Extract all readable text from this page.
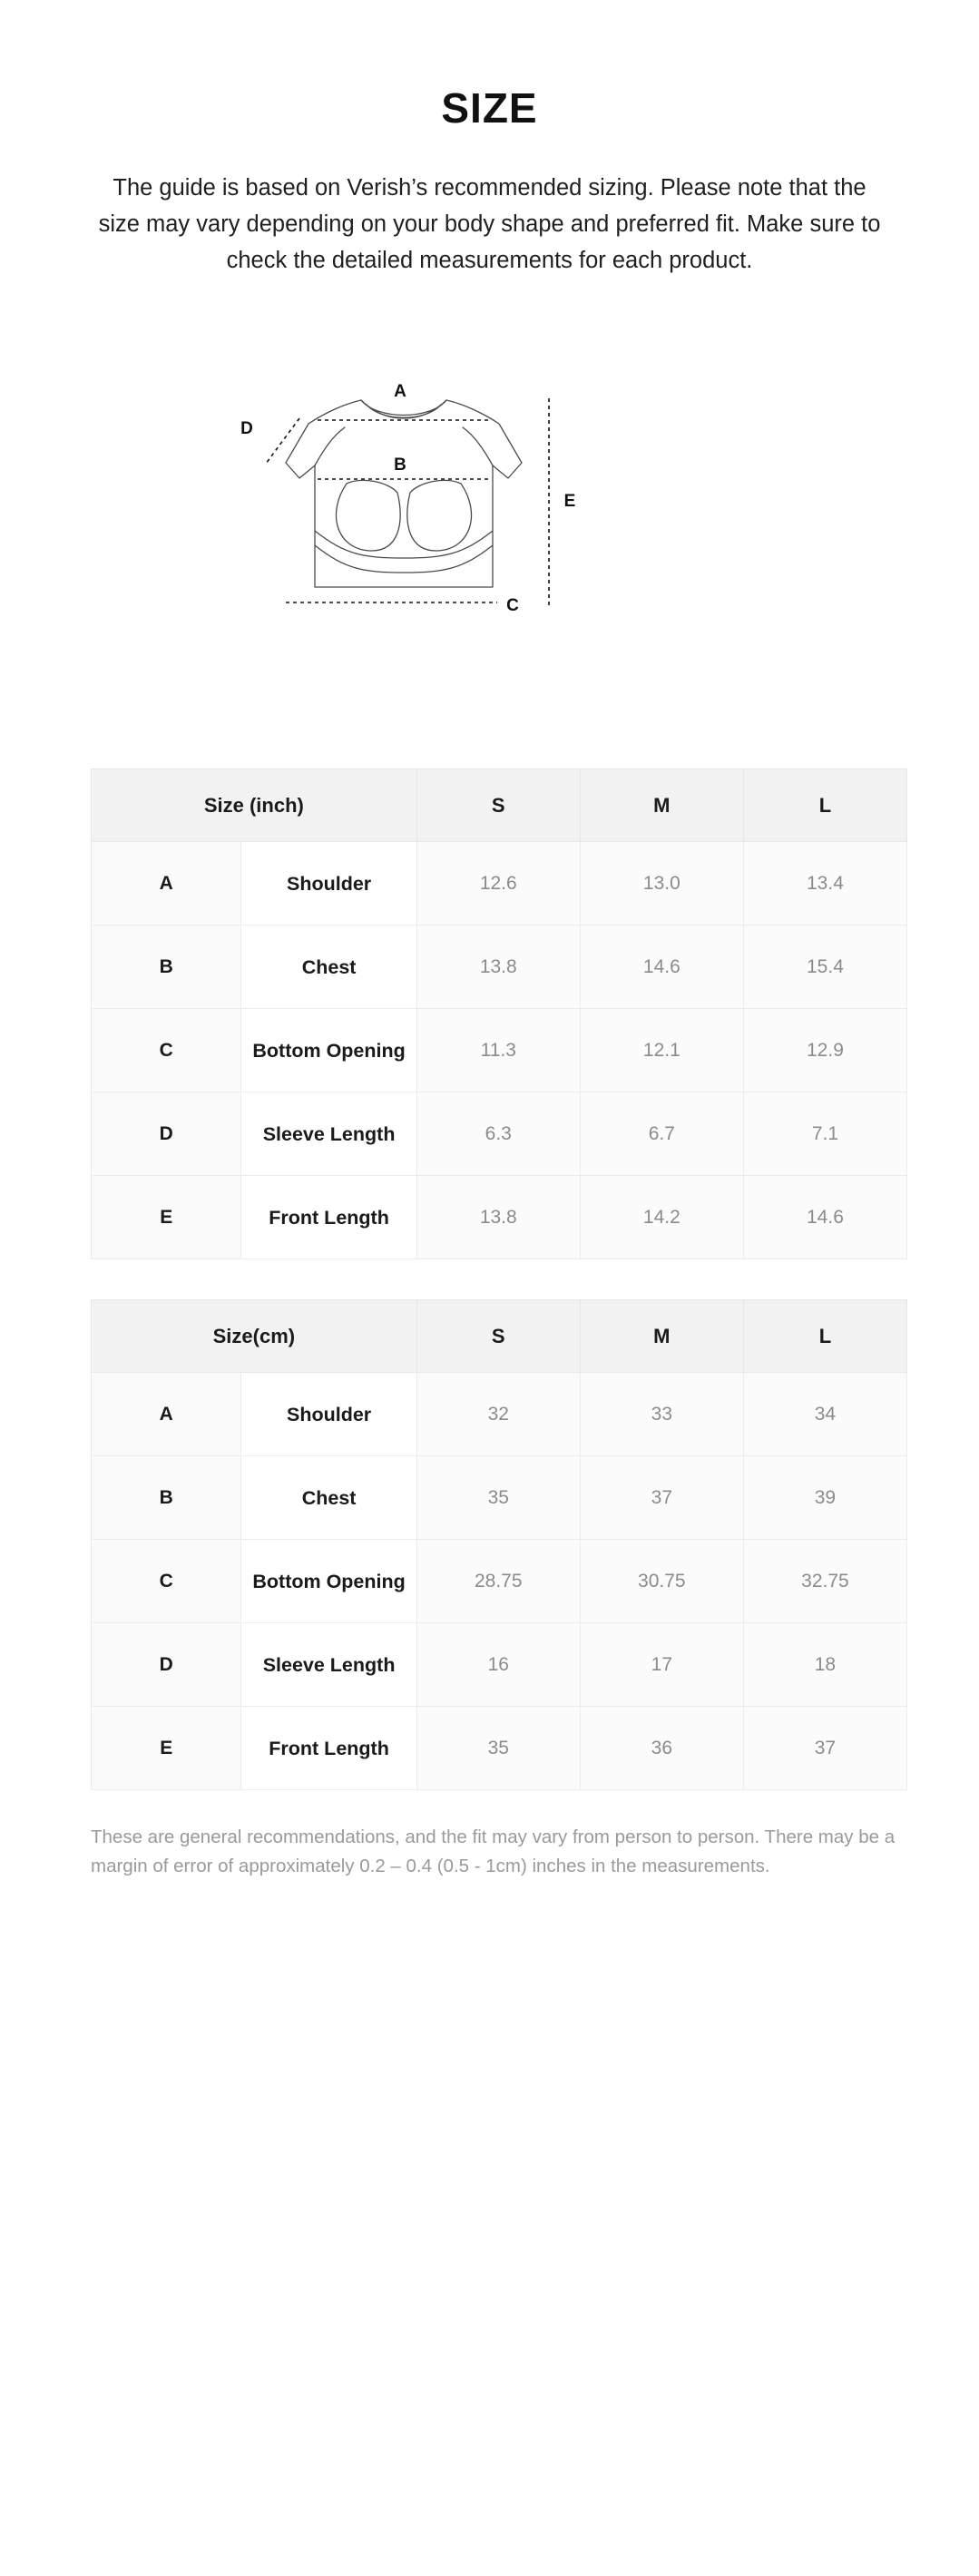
SIZE

The guide is based on Verish’s recommended sizing. Please note that the size may vary depending on your body shape and preferred fit. Make sure to check the detailed measurements for each product.

A
B
C
D
E
Size (inch)		S	M	L
A	Shoulder	12.6	13.0	13.4
B	Chest	13.8	14.6	15.4
C	Bottom Opening	11.3	12.1	12.9
D	Sleeve Length	6.3	6.7	7.1
E	Front Length	13.8	14.2	14.6
Size(cm)		S	M	L
A	Shoulder	32	33	34
B	Chest	35	37	39
C	Bottom Opening	28.75	30.75	32.75
D	Sleeve Length	16	17	18
E	Front Length	35	36	37

These are general recommendations, and the fit may vary from person to person. There may be a margin of error of approximately 0.2 – 0.4 (0.5 - 1cm) inches in the measurements.
